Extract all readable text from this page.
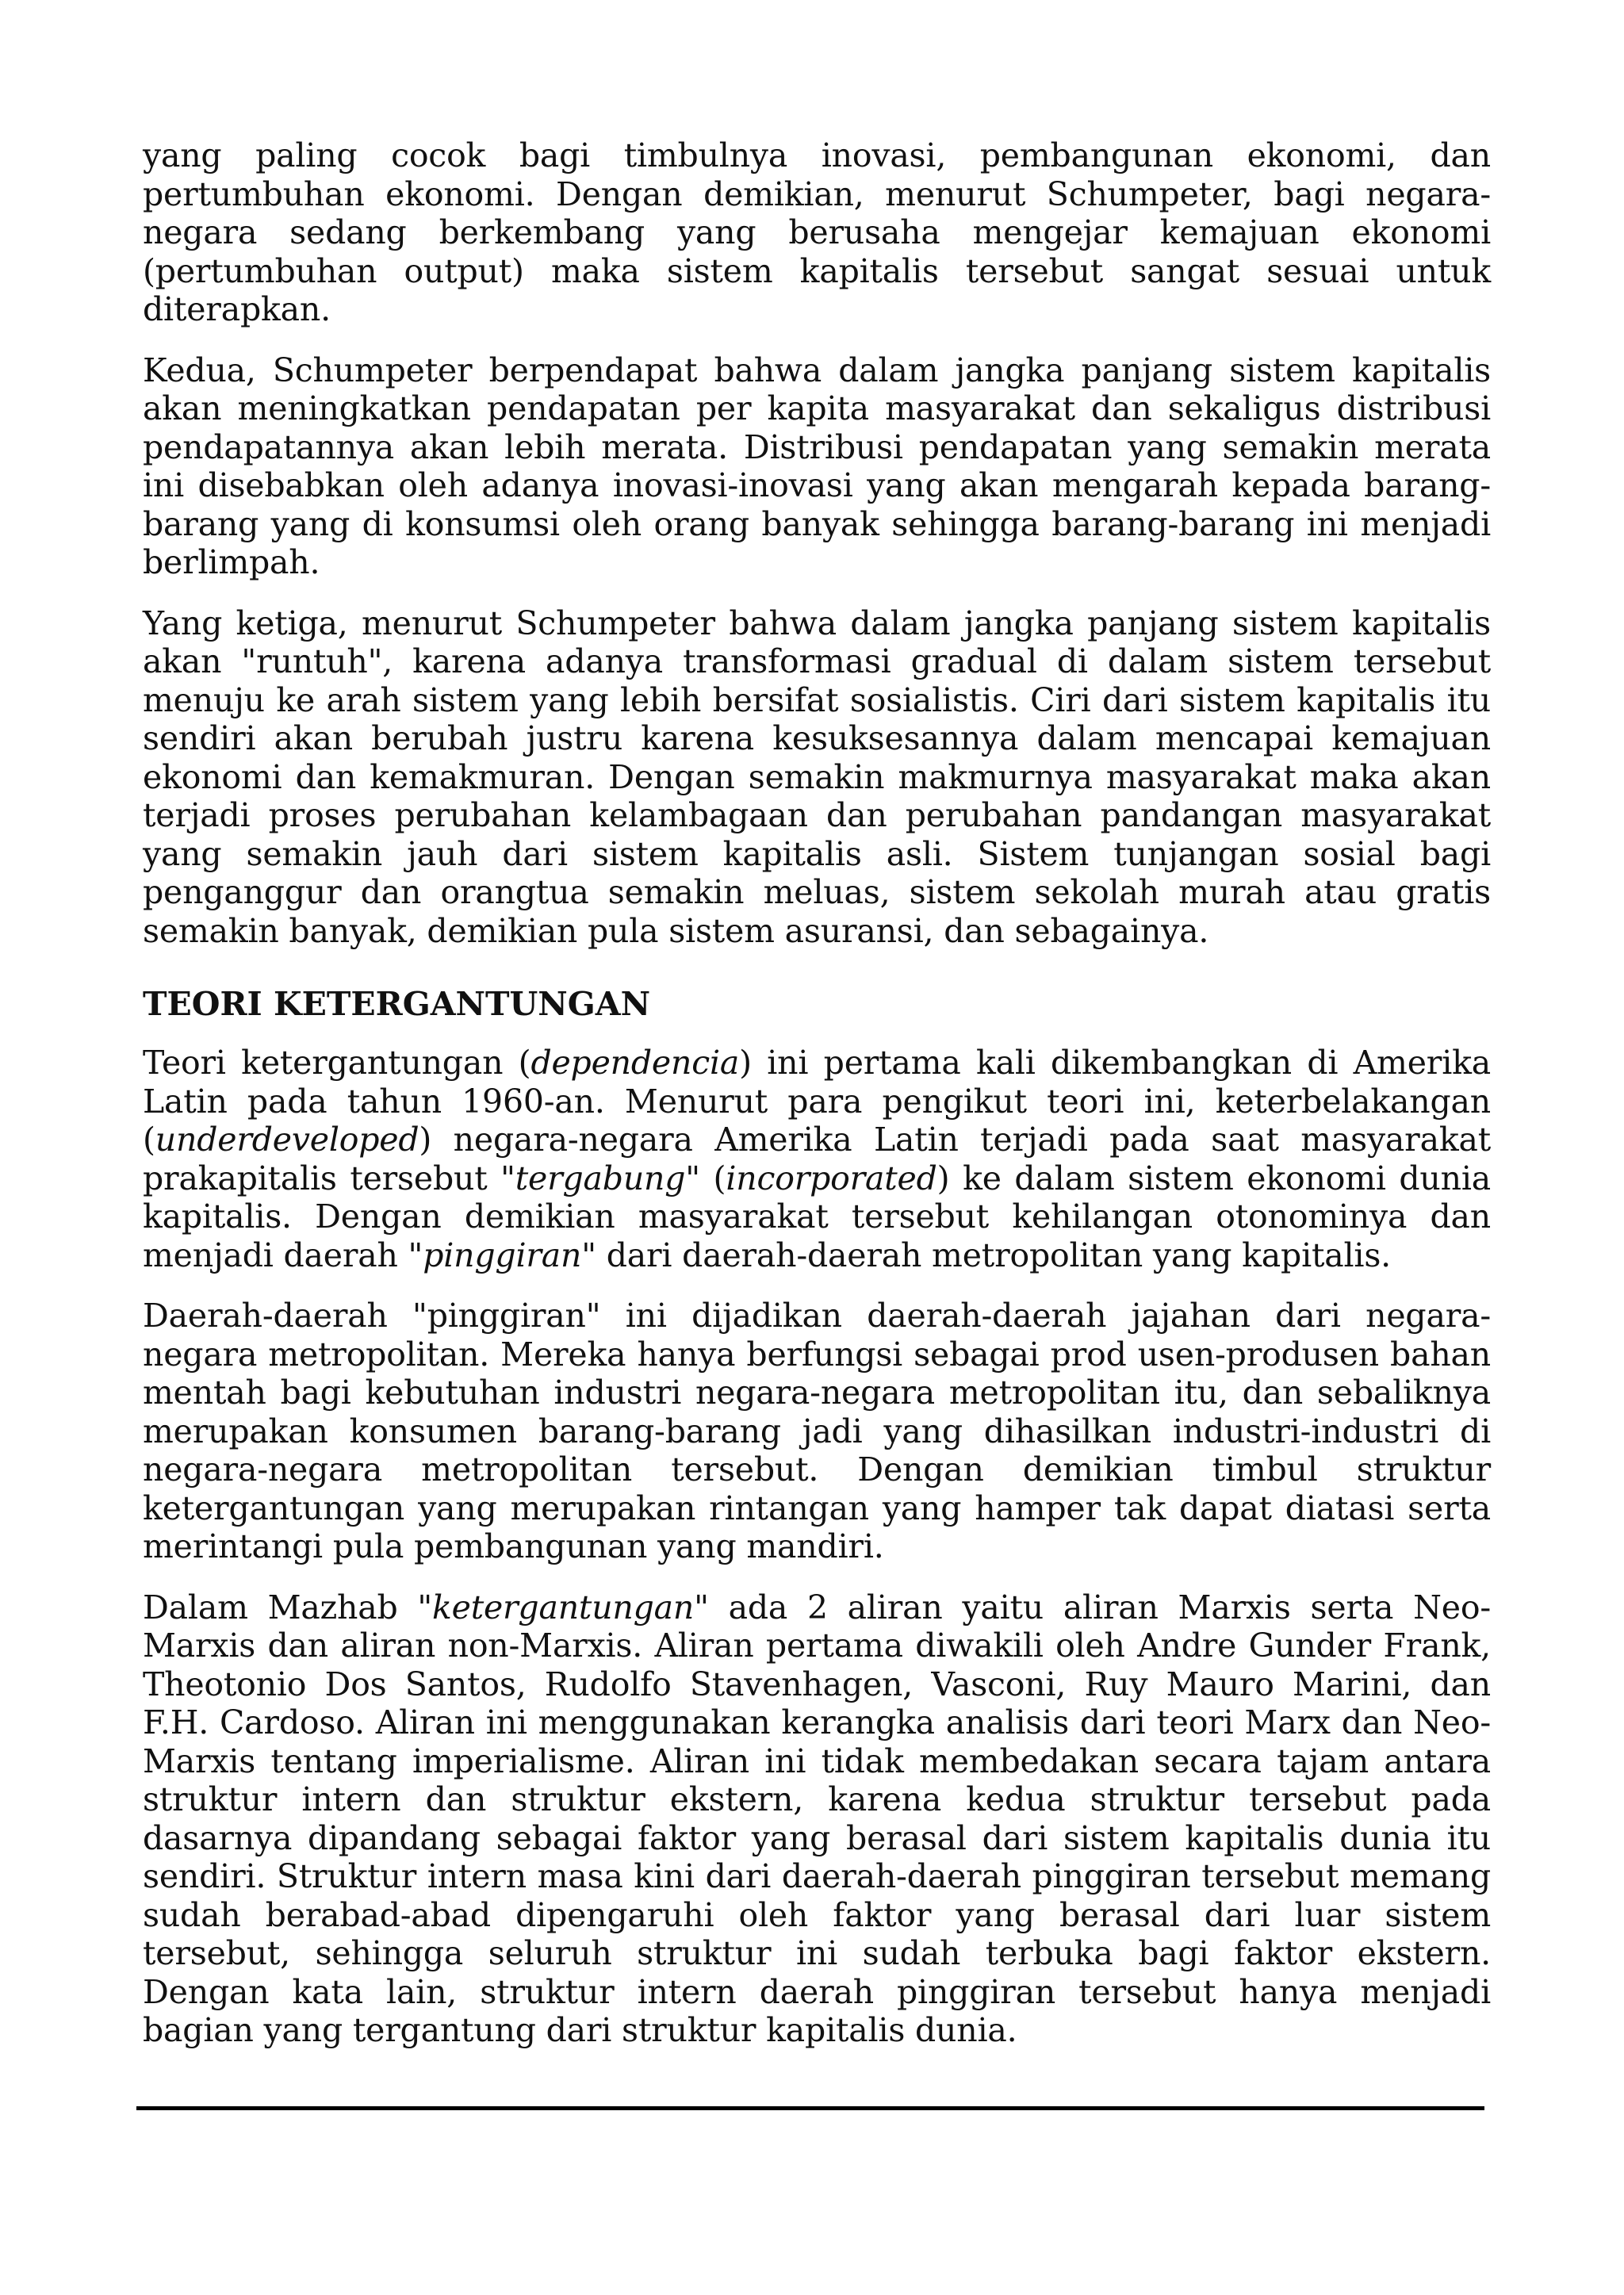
yang paling cocok bagi timbulnya inovasi, pembangunan ekonomi, dan pertumbuhan ekonomi. Dengan demikian, menurut Schumpeter, bagi negara-negara sedang berkembang yang berusaha mengejar kemajuan ekonomi (pertumbuhan output) maka sistem kapitalis tersebut sangat sesuai untuk diterapkan.

Kedua, Schumpeter berpendapat bahwa dalam jangka panjang sistem kapitalis akan meningkatkan pendapatan per kapita masyarakat dan sekaligus distribusi pendapatannya akan lebih merata. Distribusi pendapatan yang semakin merata ini disebabkan oleh adanya inovasi-inovasi yang akan mengarah kepada barang-barang yang di konsumsi oleh orang banyak sehingga barang-barang ini menjadi berlimpah.

Yang ketiga, menurut Schumpeter bahwa dalam jangka panjang sistem kapitalis akan "runtuh", karena adanya transformasi gradual di dalam sistem tersebut menuju ke arah sistem yang lebih bersifat sosialistis. Ciri dari sistem kapitalis itu sendiri akan berubah justru karena kesuksesannya dalam mencapai kemajuan ekonomi dan kemakmuran. Dengan semakin makmurnya masyarakat maka akan terjadi proses perubahan kelambagaan dan perubahan pandangan masyarakat yang semakin jauh dari sistem kapitalis asli. Sistem tunjangan sosial bagi penganggur dan orangtua semakin meluas, sistem sekolah murah atau gratis semakin banyak, demikian pula sistem asuransi, dan sebagainya.

TEORI KETERGANTUNGAN

Teori ketergantungan (dependencia) ini pertama kali dikembangkan di Amerika Latin pada tahun 1960-an. Menurut para pengikut teori ini, keterbelakangan (underdeveloped) negara-negara Amerika Latin terjadi pada saat masyarakat prakapitalis tersebut "tergabung" (incorporated) ke dalam sistem ekonomi dunia kapitalis. Dengan demikian masyarakat tersebut kehilangan otonominya dan menjadi daerah "pinggiran" dari daerah-daerah metropolitan yang kapitalis.

Daerah-daerah "pinggiran" ini dijadikan daerah-daerah jajahan dari negara-negara metropolitan. Mereka hanya berfungsi sebagai prod usen-produsen bahan mentah bagi kebutuhan industri negara-negara metropolitan itu, dan sebaliknya merupakan konsumen barang-barang jadi yang dihasilkan industri-industri di negara-negara metropolitan tersebut. Dengan demikian timbul struktur ketergantungan yang merupakan rintangan yang hamper tak dapat diatasi serta merintangi pula pembangunan yang mandiri.

Dalam Mazhab "ketergantungan" ada 2 aliran yaitu aliran Marxis serta Neo-Marxis dan aliran non-Marxis. Aliran pertama diwakili oleh Andre Gunder Frank, Theotonio Dos Santos, Rudolfo Stavenhagen, Vasconi, Ruy Mauro Marini, dan F.H. Cardoso. Aliran ini menggunakan kerangka analisis dari teori Marx dan Neo-Marxis tentang imperialisme. Aliran ini tidak membedakan secara tajam antara struktur intern dan struktur ekstern, karena kedua struktur tersebut pada dasarnya dipandang sebagai faktor yang berasal dari sistem kapitalis dunia itu sendiri. Struktur intern masa kini dari daerah-daerah pinggiran tersebut memang sudah berabad-abad dipengaruhi oleh faktor yang berasal dari luar sistem tersebut, sehingga seluruh struktur ini sudah terbuka bagi faktor ekstern. Dengan kata lain, struktur intern daerah pinggiran tersebut hanya menjadi bagian yang tergantung dari struktur kapitalis dunia.
